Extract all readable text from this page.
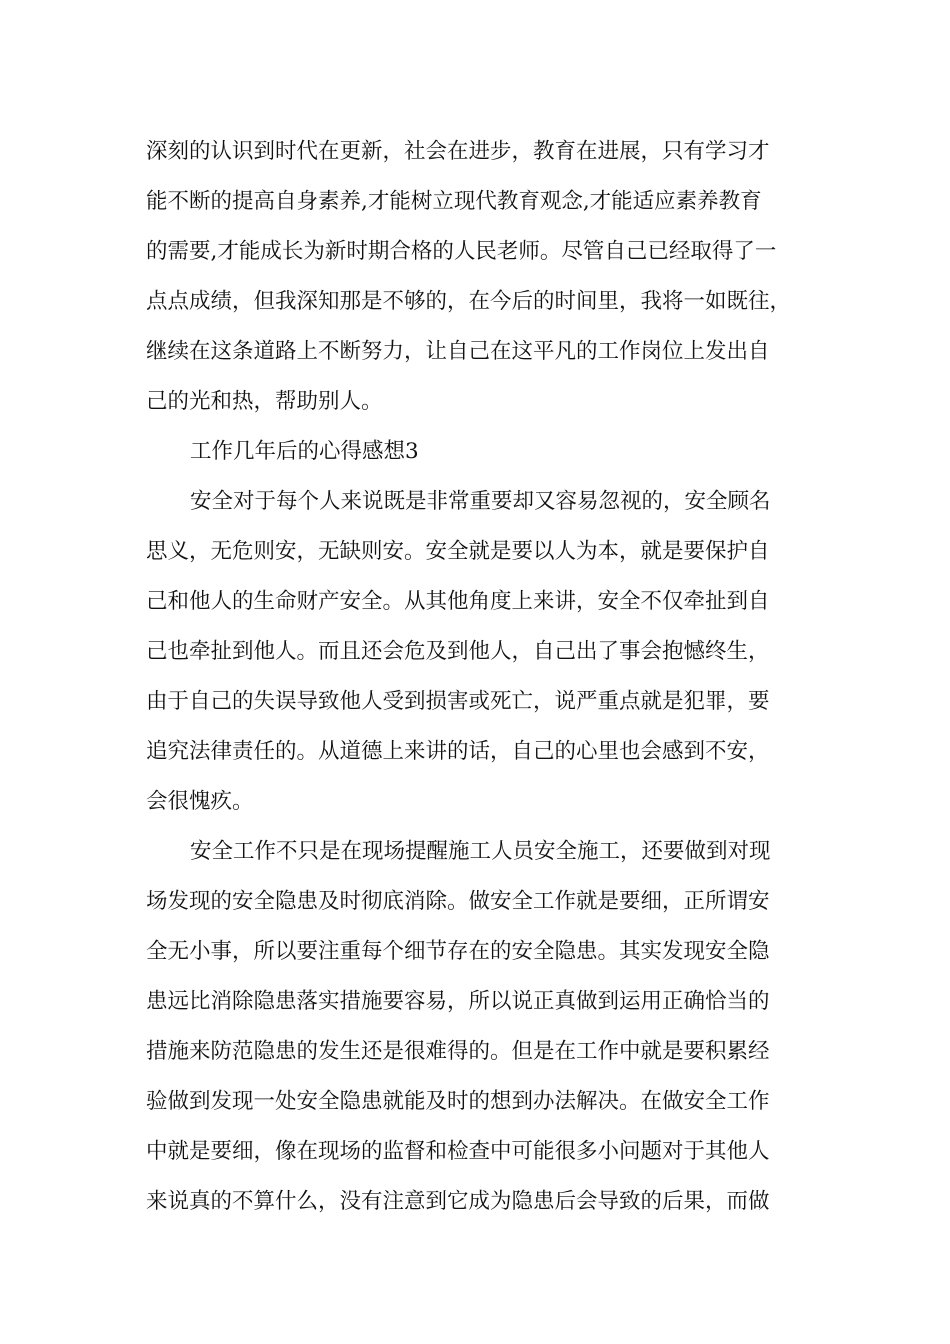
深刻的认识到时代在更新，社会在进步，教育在进展，只有学习才
能不断的提高自身素养,才能树立现代教育观念,才能适应素养教育
的需要,才能成长为新时期合格的人民老师。尽管自己已经取得了一
点点成绩，但我深知那是不够的，在今后的时间里，我将一如既往，
继续在这条道路上不断努力，让自己在这平凡的工作岗位上发出自
己的光和热，帮助别人。
工作几年后的心得感想3
安全对于每个人来说既是非常重要却又容易忽视的，安全顾名
思义，无危则安，无缺则安。安全就是要以人为本，就是要保护自
己和他人的生命财产安全。从其他角度上来讲，安全不仅牵扯到自
己也牵扯到他人。而且还会危及到他人，自己出了事会抱憾终生，
由于自己的失误导致他人受到损害或死亡，说严重点就是犯罪，要
追究法律责任的。从道德上来讲的话，自己的心里也会感到不安，
会很愧疚。
安全工作不只是在现场提醒施工人员安全施工，还要做到对现
场发现的安全隐患及时彻底消除。做安全工作就是要细，正所谓安
全无小事，所以要注重每个细节存在的安全隐患。其实发现安全隐
患远比消除隐患落实措施要容易，所以说正真做到运用正确恰当的
措施来防范隐患的发生还是很难得的。但是在工作中就是要积累经
验做到发现一处安全隐患就能及时的想到办法解决。在做安全工作
中就是要细，像在现场的监督和检查中可能很多小问题对于其他人
来说真的不算什么，没有注意到它成为隐患后会导致的后果，而做
